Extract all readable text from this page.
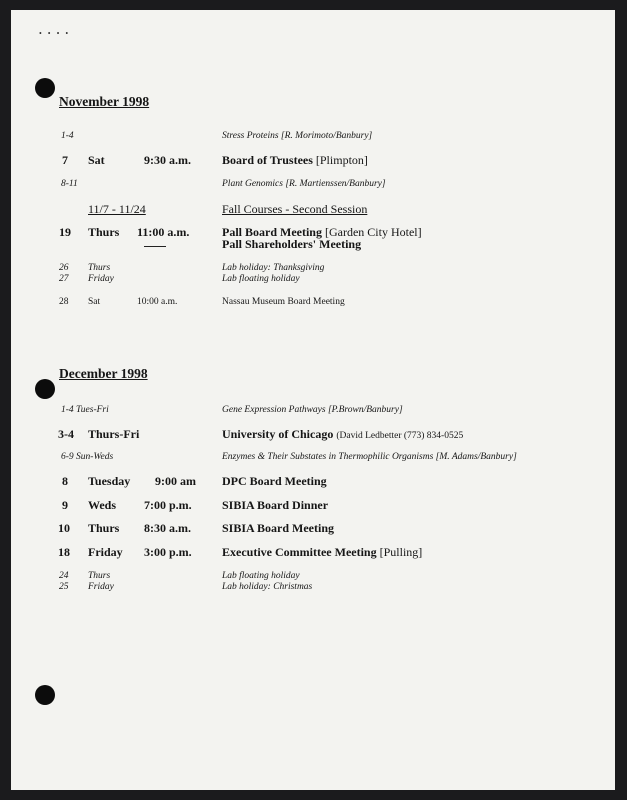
••••
November 1998
1-4	Stress Proteins [R. Morimoto/Banbury]
7 Sat	9:30 a.m.	Board of Trustees [Plimpton]
8-11	Plant Genomics [R. Martienssen/Banbury]
11/7 - 11/24	Fall Courses - Second Session
19 Thurs 11:00 a.m.	Pall Board Meeting [Garden City Hotel]
Pall Shareholders' Meeting
26 Thurs	Lab holiday: Thanksgiving
27 Friday	Lab floating holiday
28 Sat	10:00 a.m.	Nassau Museum Board Meeting
December 1998
1-4 Tues-Fri	Gene Expression Pathways [P.Brown/Banbury]
3-4 Thurs-Fri	University of Chicago (David Ledbetter (773) 834-0525
6-9 Sun-Weds	Enzymes & Their Substates in Thermophilic Organisms [M. Adams/Banbury]
8 Tuesday 9:00 am DPC Board Meeting
9 Weds 7:00 p.m.	SIBIA Board Dinner
10 Thurs 8:30 a.m.	SIBIA Board Meeting
18 Friday 3:00 p.m.	Executive Committee Meeting [Pulling]
24 Thurs	Lab floating holiday
25 Friday	Lab holiday: Christmas
